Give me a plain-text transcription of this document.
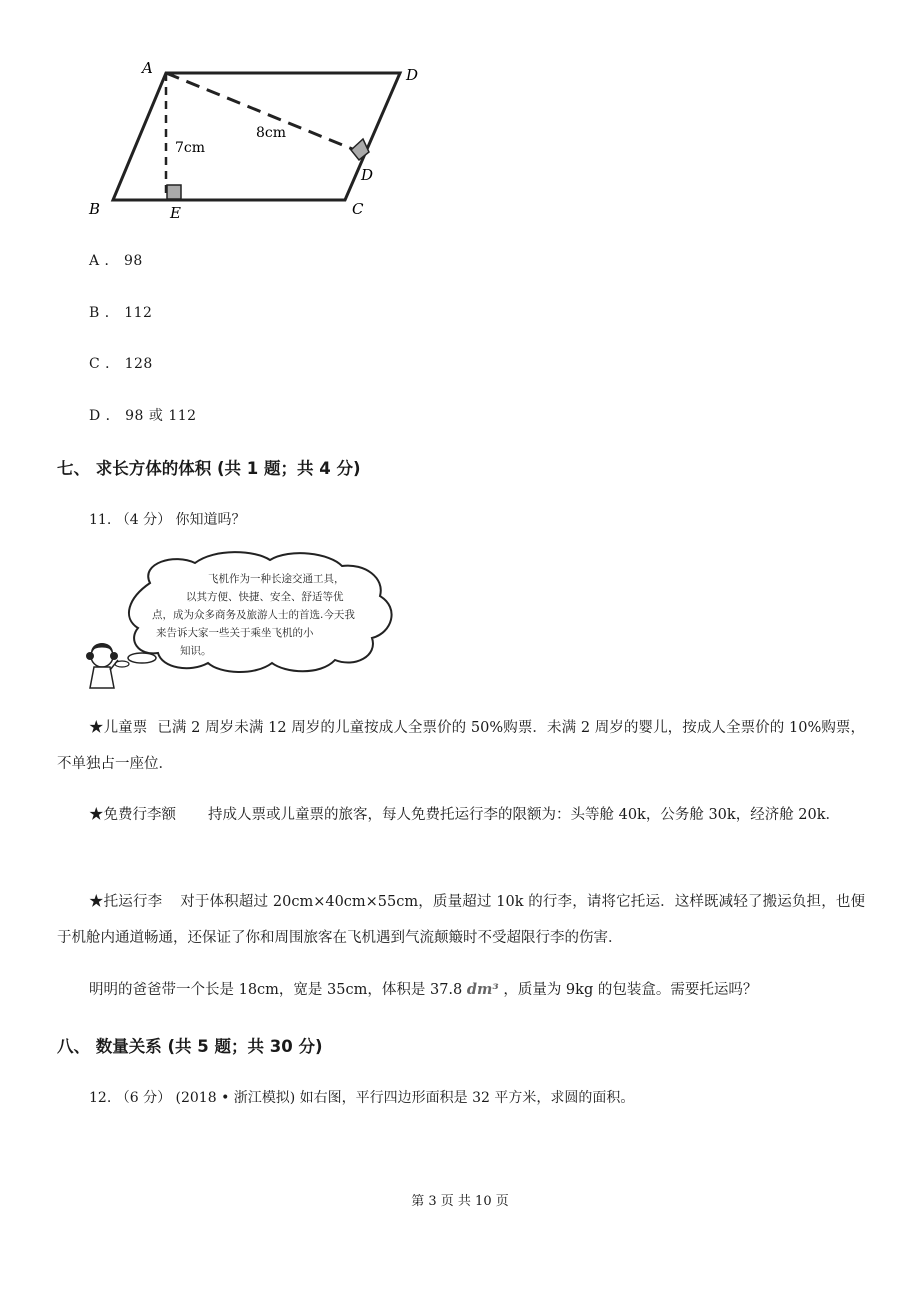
A	D
D
B	E	C
7cm
8cm
A ． 98
B ． 112
C ． 128
D ． 98 或 112
七、 求长方体的体积 (共 1 题；共 4 分)
11. （4 分） 你知道吗？
飞机作为一种长途交通工具， 以其方便、快捷、安全、舒适等优 点，成为众多商务及旅游人士的首选.今天我 来告诉大家一些关于乘坐飞机的小 知识。
★儿童票 已满 2 周岁未满 12 周岁的儿童按成人全票价的 50%购票．未满 2 周岁的婴儿，按成人全票价的 10%购票，不单独占一座位．
★免费行李额 持成人票或儿童票的旅客，每人免费托运行李的限额为：头等舱 40k，公务舱 30k，经济舱 20k．
★托运行李 对于体积超过 20cm×40cm×55cm，质量超过 10k 的行李，请将它托运．这样既减轻了搬运负担，也便于机舱内通道畅通，还保证了你和周围旅客在飞机遇到气流颠簸时不受超限行李的伤害．
明明的爸爸带一个长是 18cm，宽是 35cm，体积是 37.8 dm³ ，质量为 9kg 的包装盒。需要托运吗？
八、 数量关系 (共 5 题；共 30 分)
12. （6 分） (2018 • 浙江模拟) 如右图，平行四边形面积是 32 平方米，求圆的面积。
第 3 页 共 10 页
